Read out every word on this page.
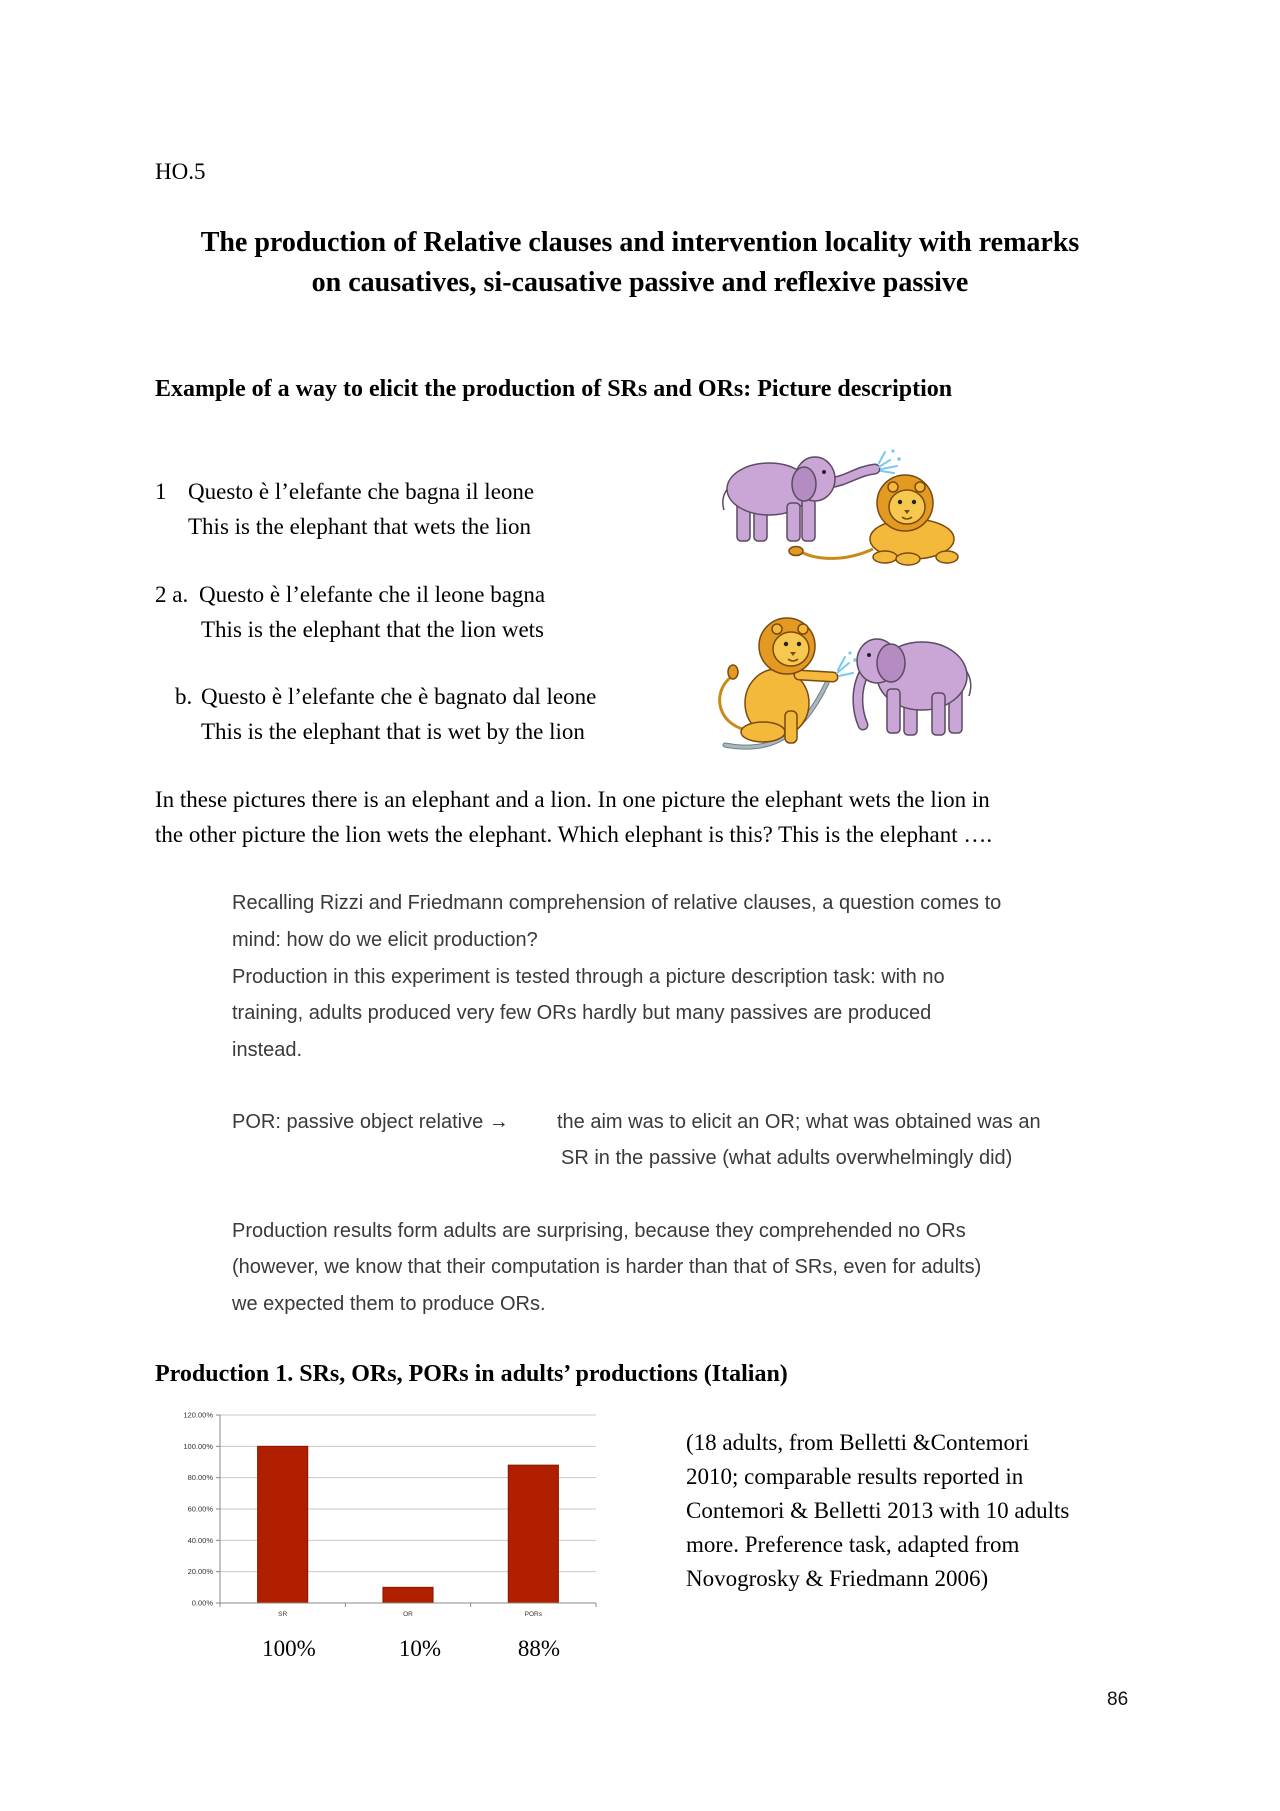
HO.5
The production of Relative clauses and intervention locality with remarks
on causatives, si-causative passive and reflexive passive
Example of a way to elicit the production of SRs and ORs: Picture description
1 Questo è l’elefante che bagna il leone
This is the elephant that wets the lion
2 a. Questo è l’elefante che il leone bagna
This is the elephant that the lion wets
b. Questo è l’elefante che è bagnato dal leone
This is the elephant that is wet by the lion
In these pictures there is an elephant and a lion. In one picture the elephant wets the lion in
the other picture the lion wets the elephant. Which elephant is this? This is the elephant ….
Recalling Rizzi and Friedmann comprehension of relative clauses, a question comes to
mind: how do we elicit production?
Production in this experiment is tested through a picture description task: with no
training, adults produced very few ORs hardly but many passives are produced
instead.
POR: passive object relative → the aim was to elicit an OR; what was obtained was an
SR in the passive (what adults overwhelmingly did)
Production results form adults are surprising, because they comprehended no ORs
(however, we know that their computation is harder than that of SRs, even for adults)
we expected them to produce ORs.
Production 1. SRs, ORs, PORs in adults’ productions (Italian)
0.00%
20.00%
40.00%
60.00%
80.00%
100.00%
120.00%
SR	OR	PORs
100%	10%	88%
(18 adults, from Belletti &Contemori
2010; comparable results reported in
Contemori & Belletti 2013 with 10 adults
more. Preference task, adapted from
Novogrosky & Friedmann 2006)
86
